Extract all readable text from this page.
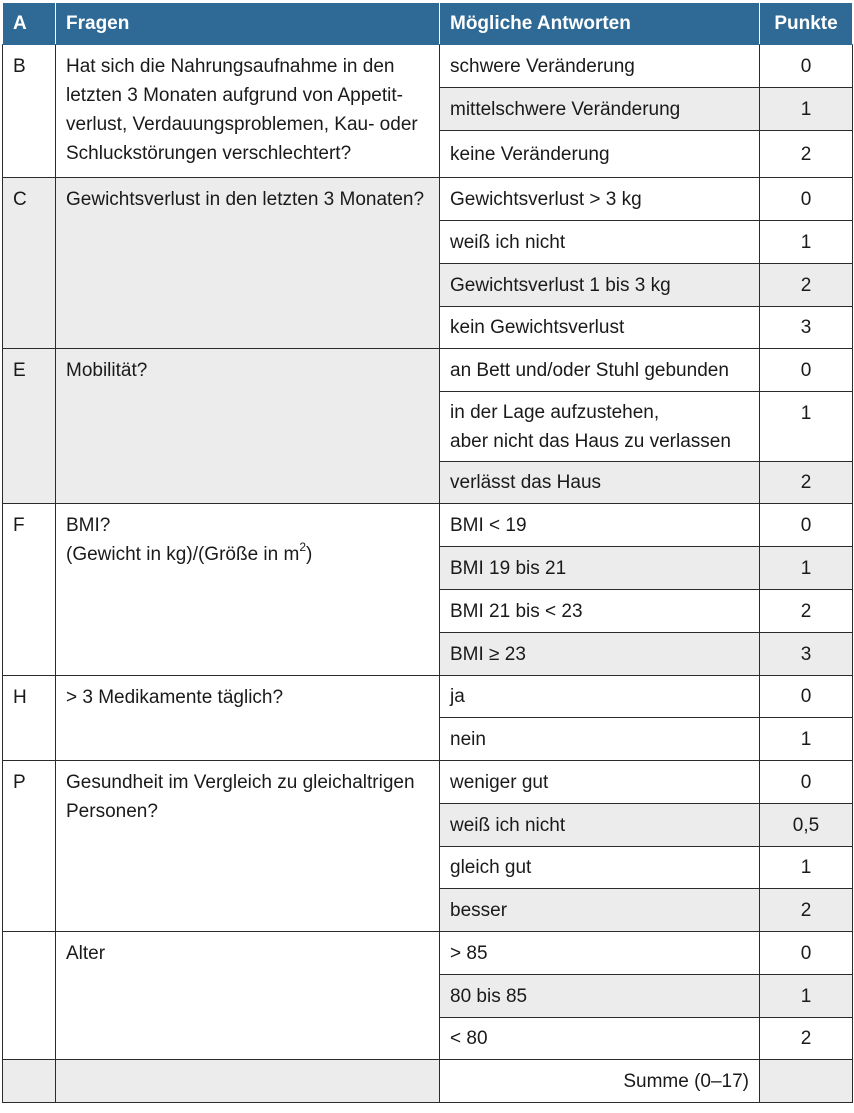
A	Fragen	Mögliche Antworten	Punkte
B	Hat sich die Nahrungsaufnahme in den
letzten 3 Monaten aufgrund von Appetit-
verlust, Verdauungsproblemen, Kau- oder
Schluckstörungen verschlechtert?	schwere Veränderung	0
		mittelschwere Veränderung	1
		keine Veränderung	2
C	Gewichtsverlust in den letzten 3 Monaten?	Gewichtsverlust > 3 kg	0
		weiß ich nicht	1
		Gewichtsverlust 1 bis 3 kg	2
		kein Gewichtsverlust	3
E	Mobilität?	an Bett und/oder Stuhl gebunden	0

		in der Lage aufzustehen,
aber nicht das Haus zu verlassen	1
		verlässt das Haus	2
F	BMI?
(Gewicht in kg)/(Größe in $m^2$)	BMI < 19	0
		BMI 19 bis 21	1
		BMI 21 bis < 23	2
		BMI ≥ 23	3
H	> 3 Medikamente täglich?	ja	0
		nein	1
P	Gesundheit im Vergleich zu gleichaltrigen
Personen?	weniger gut	0
		weiß ich nicht	0,5
		gleich gut	1
		besser	2
	Alter	> 85	0
		80 bis 85	1
		< 80	2
		Summe (0–17)	
